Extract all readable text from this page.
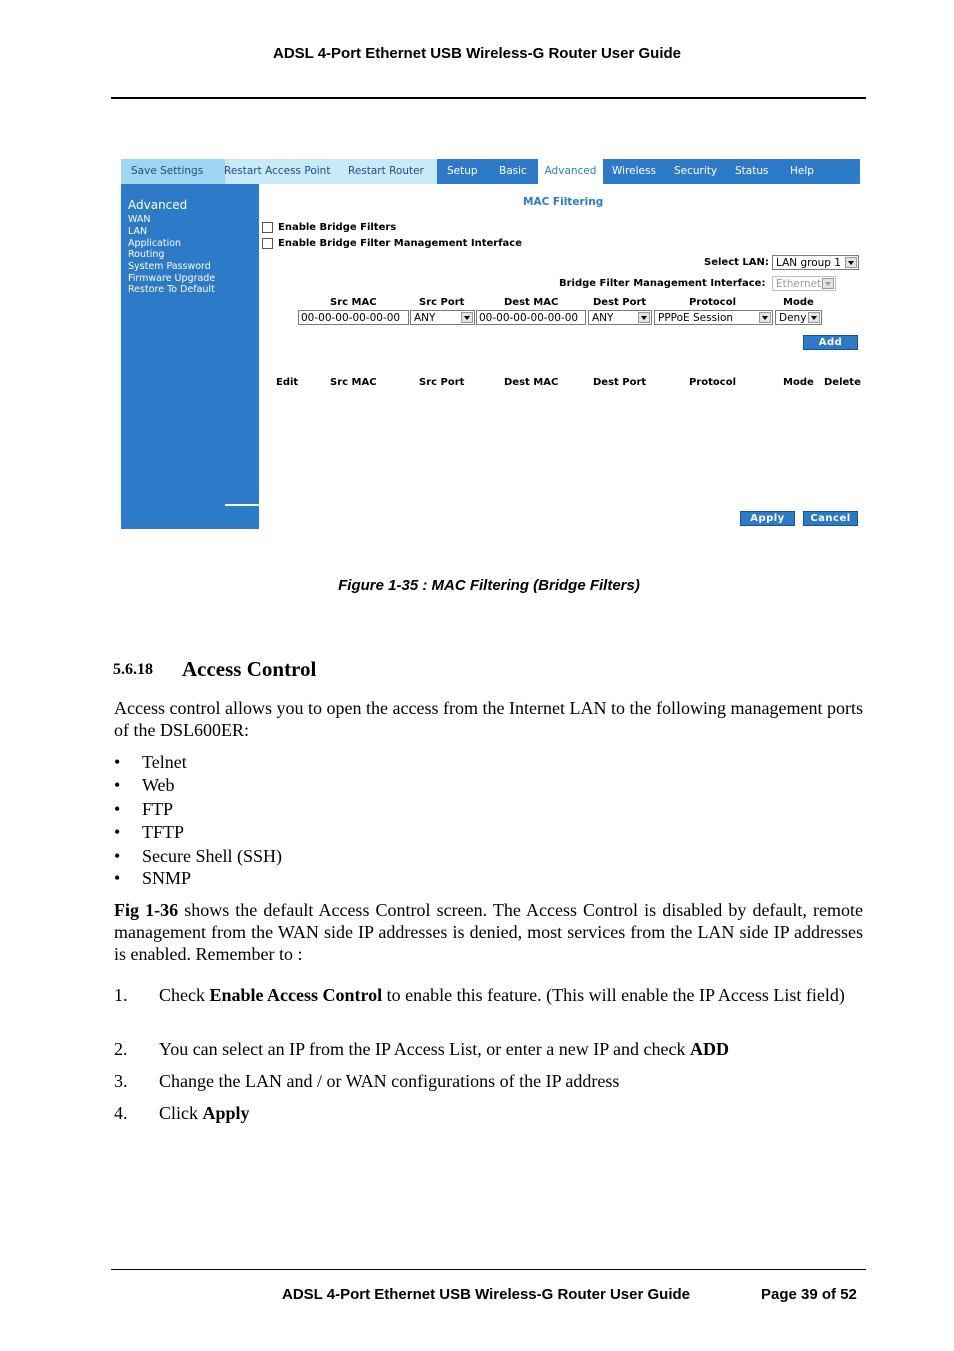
ADSL 4-Port Ethernet USB Wireless-G Router User Guide
Save Settings Restart Access Point Restart Router Setup Basic	Advanced	Wireless Security Status Help
Advanced
WAN
LAN
Application
Routing
System Password
Firmware Upgrade
Restore To Default
MAC Filtering
Enable Bridge Filters
Enable Bridge Filter Management Interface
Select LAN: LAN group 1
Bridge Filter Management Interface:	Ethernet
Src MAC	Src Port	Dest MAC	Dest Port	Protocol	Mode
00-00-00-00-00-00	ANY	00-00-00-00-00-00	ANY	PPPoE Session	Deny
Add
Edit	Src MAC	Src Port	Dest MAC	Dest Port	Protocol	Mode Delete
Apply	Cancel
Figure 1-35 : MAC Filtering (Bridge Filters)
5.6.18 Access Control
Access control allows you to open the access from the Internet LAN to the following management ports of the DSL600ER:
• Telnet
• Web
• FTP
• TFTP
• Secure Shell (SSH)
• SNMP
Fig 1-36 shows the default Access Control screen. The Access Control is disabled by default, remote management from the WAN side IP addresses is denied, most services from the LAN side IP addresses is enabled. Remember to :
1.	Check Enable Access Control to enable this feature. (This will enable the IP Access List field)
2.	You can select an IP from the IP Access List, or enter a new IP and check ADD
3.	Change the LAN and / or WAN configurations of the IP address
4.	Click Apply
ADSL 4-Port Ethernet USB Wireless-G Router User Guide	Page 39 of 52
